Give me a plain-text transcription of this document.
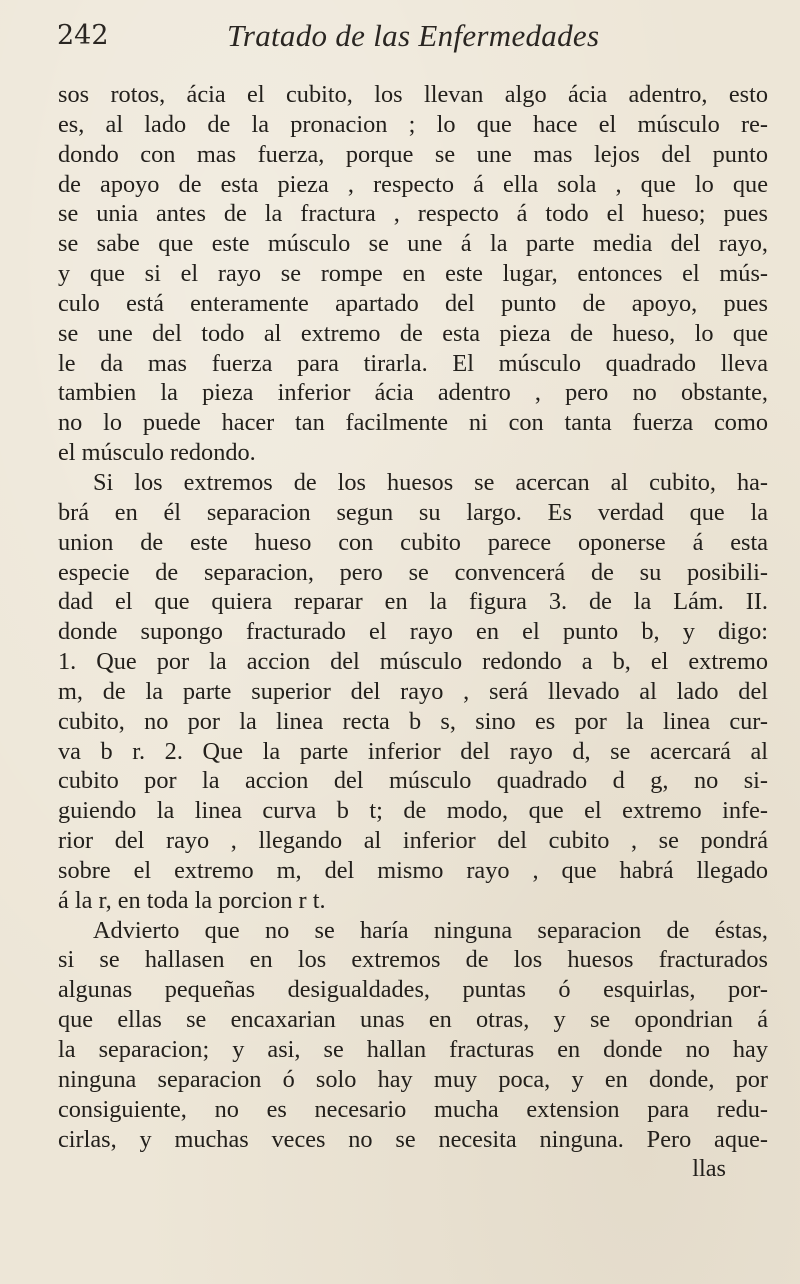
242	Tratado de las Enfermedades
sos rotos, ácia el cubito, los llevan algo ácia adentro, esto
es, al lado de la pronacion ; lo que hace el músculo re-
dondo con mas fuerza, porque se une mas lejos del punto
de apoyo de esta pieza , respecto á ella sola , que lo que
se unia antes de la fractura , respecto á todo el hueso; pues
se sabe que este músculo se une á la parte media del rayo,
y que si el rayo se rompe en este lugar, entonces el mús-
culo está enteramente apartado del punto de apoyo, pues
se une del todo al extremo de esta pieza de hueso, lo que
le da mas fuerza para tirarla. El músculo quadrado lleva
tambien la pieza inferior ácia adentro , pero no obstante,
no lo puede hacer tan facilmente ni con tanta fuerza como
el músculo redondo.
Si los extremos de los huesos se acercan al cubito, ha-
brá en él separacion segun su largo. Es verdad que la
union de este hueso con cubito parece oponerse á esta
especie de separacion, pero se convencerá de su posibili-
dad el que quiera reparar en la figura 3. de la Lám. II.
donde supongo fracturado el rayo en el punto b, y digo:
1. Que por la accion del músculo redondo a b, el extremo
m, de la parte superior del rayo , será llevado al lado del
cubito, no por la linea recta b s, sino es por la linea cur-
va b r. 2. Que la parte inferior del rayo d, se acercará al
cubito por la accion del músculo quadrado d g, no si-
guiendo la linea curva b t; de modo, que el extremo infe-
rior del rayo , llegando al inferior del cubito , se pondrá
sobre el extremo m, del mismo rayo , que habrá llegado
á la r, en toda la porcion r t.
Advierto que no se haría ninguna separacion de éstas,
si se hallasen en los extremos de los huesos fracturados
algunas pequeñas desigualdades, puntas ó esquirlas, por-
que ellas se encaxarian unas en otras, y se opondrian á
la separacion; y asi, se hallan fracturas en donde no hay
ninguna separacion ó solo hay muy poca, y en donde, por
consiguiente, no es necesario mucha extension para redu-
cirlas, y muchas veces no se necesita ninguna. Pero aque-
llas
